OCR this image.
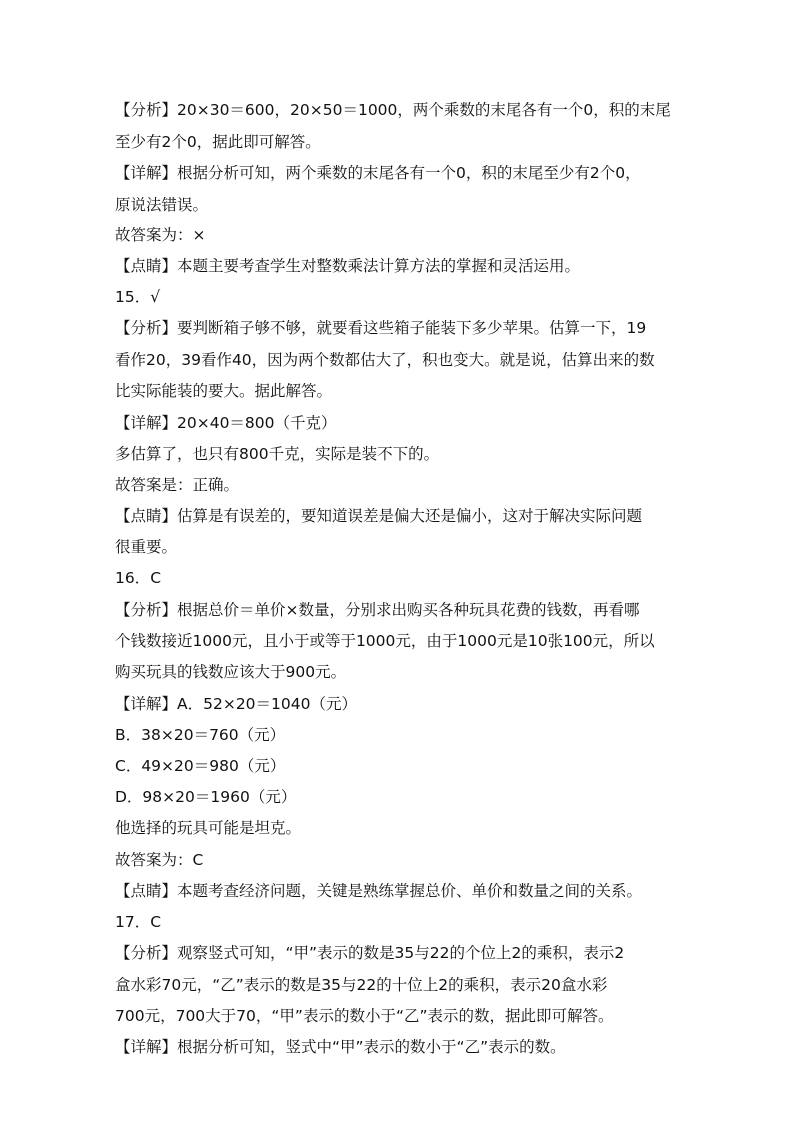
【分析】20×30＝600，20×50＝1000，两个乘数的末尾各有一个0，积的末尾
至少有2个0，据此即可解答。
【详解】根据分析可知，两个乘数的末尾各有一个0，积的末尾至少有2个0，
原说法错误。
故答案为：×
【点睛】本题主要考查学生对整数乘法计算方法的掌握和灵活运用。
15．√
【分析】要判断箱子够不够，就要看这些箱子能装下多少苹果。估算一下，19
看作20，39看作40，因为两个数都估大了，积也变大。就是说，估算出来的数
比实际能装的要大。据此解答。
【详解】20×40＝800（千克）
多估算了，也只有800千克，实际是装不下的。
故答案是：正确。
【点睛】估算是有误差的，要知道误差是偏大还是偏小，这对于解决实际问题
很重要。
16．C
【分析】根据总价＝单价×数量，分别求出购买各种玩具花费的钱数，再看哪
个钱数接近1000元，且小于或等于1000元，由于1000元是10张100元，所以
购买玩具的钱数应该大于900元。
【详解】A．52×20＝1040（元）
B．38×20＝760（元）
C．49×20＝980（元）
D．98×20＝1960（元）
他选择的玩具可能是坦克。
故答案为：C
【点睛】本题考查经济问题，关键是熟练掌握总价、单价和数量之间的关系。
17．C
【分析】观察竖式可知，“甲”表示的数是35与22的个位上2的乘积，表示2
盒水彩70元，“乙”表示的数是35与22的十位上2的乘积，表示20盒水彩
700元，700大于70，“甲”表示的数小于“乙”表示的数，据此即可解答。
【详解】根据分析可知，竖式中“甲”表示的数小于“乙”表示的数。
